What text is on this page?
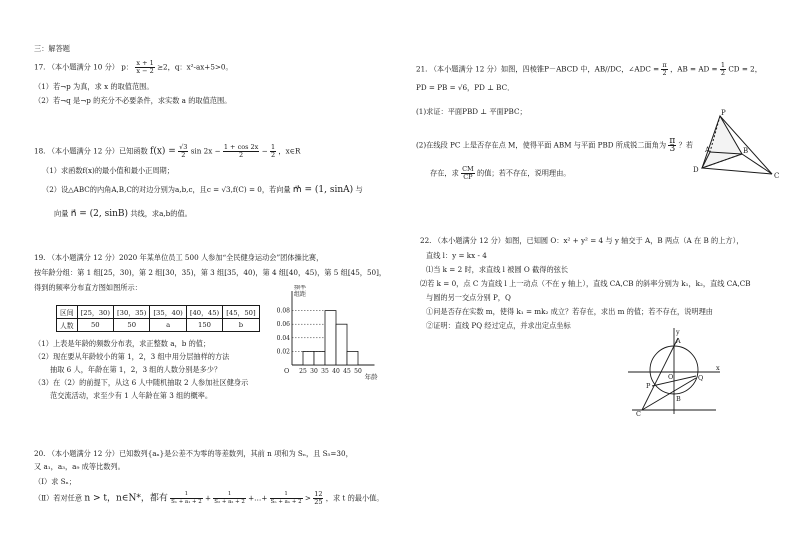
三：解答题
17. （本小题满分 10 分） p： $\frac{x + 1}{x - 2} \ge 2$，q：x²-ax+5>0。
（1）若¬p 为真，求 x 的取值范围。
（2）若¬q 是¬p 的充分不必要条件，求实数 a 的取值范围。
18. （本小题满分 12 分）已知函数 $f(x) = \frac{√3}{2}$ $\sin 2x - \frac{1 + \cos 2x}{2} - \frac{1}{2}$ ，x∈R
（1）求函数f(x)的最小值和最小正周期；
（2）设△ABC的内角A,B,C的对边分别为a,b,c，且c = √3,f(C) = 0，若向量 m⃗ = (1, sinA) 与
向量 n⃗ = (2, sinB) 共线，求a,b的值。
19. （本小题满分 12 分）2020 年某单位员工 500 人参加“全民健身运动会”团体操比赛，
按年龄分组：第 1 组[25，30)，第 2 组[30，35)，第 3 组[35，40)，第 4 组[40，45)，第 5 组[45，50]，
得到的频率分布直方图如图所示：
区间	[25，30)	[30，35)	[35，40)	[40，45)	[45，50]
人数	50	50	a	150	b
（1）上表是年龄的频数分布表，求正整数 a，b 的值；
（2）现在要从年龄较小的第 1，2，3 组中用分层抽样的方法
抽取 6 人，年龄在第 1，2，3 组的人数分别是多少？
（3）在（2）的前提下，从这 6 人中随机抽取 2 人参加社区健身示
范交流活动，求至少有 1 人年龄在第 3 组的概率。
20. （本小题满分 12 分）已知数列{aₙ}是公差不为零的等差数列，其前 n 项和为 Sₙ，且 S₅=30，
又 a₁，a₃，a₉ 成等比数列。
（Ⅰ）求 Sₙ；
（Ⅱ）若对任意 n > t，n∈N*，都有 $\frac{1}{\text{S₁ + a₁ + 2}} + \frac{1}{\text{S₂ + a₂ + 2}}$ +…+ $\frac{1}{\text{Sₙ + aₙ + 2}} > \frac{12}{25}$ ，求 t 的最小值。
0.02
0.04
0.06
0.08
25 30 35 40 45 50
O
频率
组距
年龄
21. （本小题满分 12 分）如图，四棱锥P－ABCD 中，AB//DC，∠ADC = $\frac{\pi}{2}$ ，AB = AD = $\frac{1}{2}$ CD = 2，
PD = PB = √6，PD ⊥ BC．
(1)求证：平面PBD ⊥ 平面PBC；
(2)在线段 PC 上是否存在点 M，使得平面 ABM 与平面 PBD 所成锐二面角为 $\frac{\pi}{3}$ ？若
存在，求 $\frac{CM}{CP}$ 的值；若不存在，说明理由。
22. （本小题满分 12 分）如图，已知圆 O：x² + y² = 4 与 y 轴交于 A，B 两点（A 在 B 的上方），
直线 l：y = kx - 4
⑴当 k = 2 时，求直线 l 被圆 O 截得的弦长
⑵若 k = 0，点 C 为直线 l 上一动点（不在 y 轴上），直线 CA,CB 的斜率分别为 k₁，k₂，直线 CA,CB
与圆的另一交点分别 P，Q
①问是否存在实数 m，使得 k₁ = mk₂ 成立？若存在，求出 m 的值；若不存在，说明理由
②证明：直线 PQ 经过定点，并求出定点坐标
P
A	B
C
D
y
x
A
B
P
Q
O
C
